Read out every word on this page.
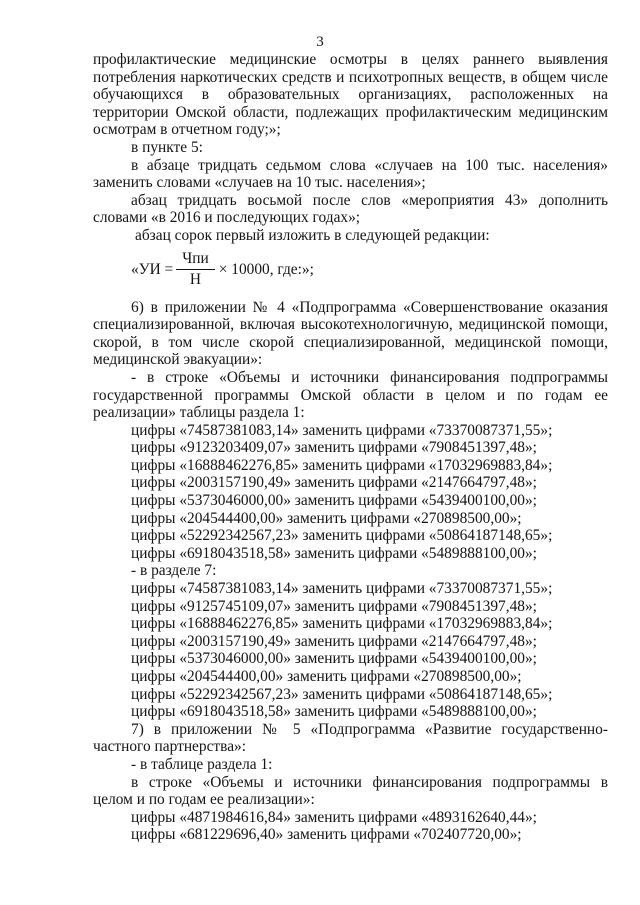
3
профилактические медицинские осмотры в целях раннего выявления
потребления наркотических средств и психотропных веществ, в общем числе
обучающихся в образовательных организациях, расположенных на
территории Омской области, подлежащих профилактическим медицинским
осмотрам в отчетном году;»;
в пункте 5:
в абзаце тридцать седьмом слова «случаев на 100 тыс. населения»
заменить словами «случаев на 10 тыс. населения»;
абзац тридцать восьмой после слов «мероприятия 43» дополнить
словами «в 2016 и последующих годах»;
абзац сорок первый изложить в следующей редакции:
«УИ = $\frac{\text{Чпи}}{Н} \times 10000$, где:»;
6) в приложении № 4 «Подпрограмма «Совершенствование оказания
специализированной, включая высокотехнологичную, медицинской помощи,
скорой, в том числе скорой специализированной, медицинской помощи,
медицинской эвакуации»:
- в строке «Объемы и источники финансирования подпрограммы
государственной программы Омской области в целом и по годам ее
реализации» таблицы раздела 1:
цифры «74587381083,14» заменить цифрами «73370087371,55»;
цифры «9123203409,07» заменить цифрами «7908451397,48»;
цифры «16888462276,85» заменить цифрами «17032969883,84»;
цифры «2003157190,49» заменить цифрами «2147664797,48»;
цифры «5373046000,00» заменить цифрами «5439400100,00»;
цифры «204544400,00» заменить цифрами «270898500,00»;
цифры «52292342567,23» заменить цифрами «50864187148,65»;
цифры «6918043518,58» заменить цифрами «5489888100,00»;
- в разделе 7:
цифры «74587381083,14» заменить цифрами «73370087371,55»;
цифры «9125745109,07» заменить цифрами «7908451397,48»;
цифры «16888462276,85» заменить цифрами «17032969883,84»;
цифры «2003157190,49» заменить цифрами «2147664797,48»;
цифры «5373046000,00» заменить цифрами «5439400100,00»;
цифры «204544400,00» заменить цифрами «270898500,00»;
цифры «52292342567,23» заменить цифрами «50864187148,65»;
цифры «6918043518,58» заменить цифрами «5489888100,00»;
7) в приложении № 5 «Подпрограмма «Развитие государственно-
частного партнерства»:
- в таблице раздела 1:
в строке «Объемы и источники финансирования подпрограммы в
целом и по годам ее реализации»:
цифры «4871984616,84» заменить цифрами «4893162640,44»;
цифры «681229696,40» заменить цифрами «702407720,00»;
